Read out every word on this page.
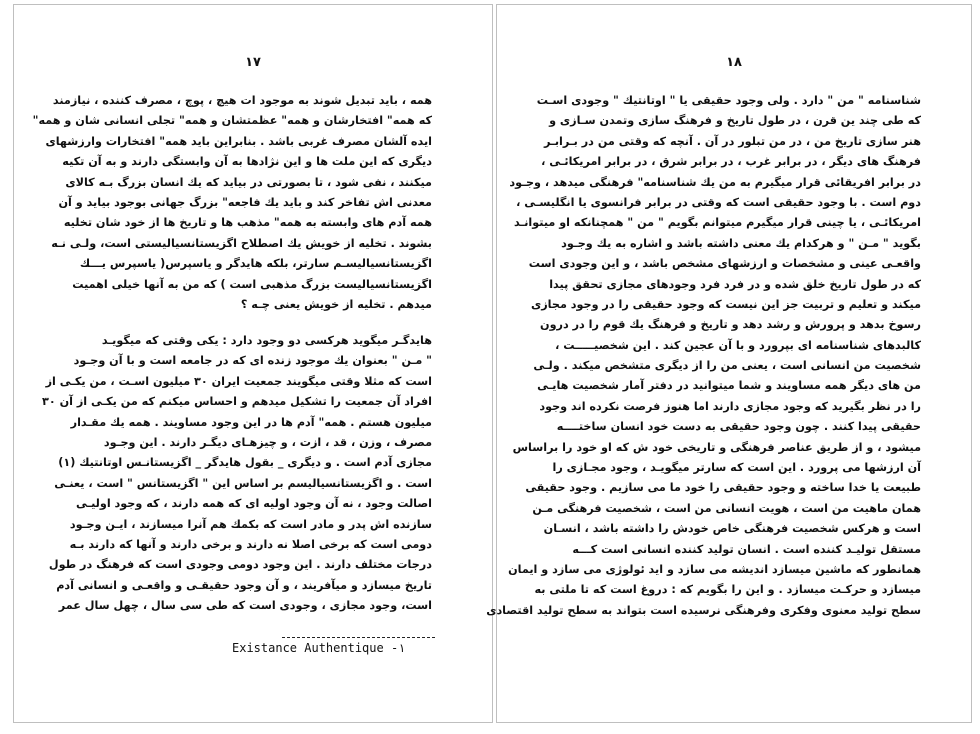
۱۷
همه ، باید تبدیل شوند به موجود ات هیچ ، پوچ ، مصرف کننده ، نیازمند
که همه" افتخارشان و همه" عظمتشان و همه" تجلی انسانی شان و همه"
ایده آلشان مصرف غربی باشد . بنابراین باید همه" افتخارات وارزشهای
دیگری که این ملت ها و این نژادها به آن وابستگی دارند و به آن تکیه
میکنند ، نفی شود ، تا بصورتی در بیاید که یك انسان بزرگ بـه کالای
معدنی اش تفاخر کند و باید یك فاجعه" بزرگ جهانی بوجود بیاید و آن
همه آدم های وابسته به همه" مذهب ها و تاریخ ها از خود شان تخلیه
بشوند . تخلیه از خویش یك اصطلاح اگزیستانسیالیستی است، ولـی نـه
اگزیستانسیالیسـم سارتر، بلکه هایدگر و یاسپرس( یاسپرس یـــك
اگزیستانسیالیست بزرگ مذهبی است ) که من به آنها خیلی اهمیت
میدهم . تخلیه از خویش یعنی چـه ؟
هایدگـر میگوید هرکسی دو وجود دارد : یکی وقتی که میگویـد
" مـن " بعنوان یك موجود زنده ای که در جامعه است و با آن وجـود
است که مثلا وقتی میگویند جمعیت ایران ۳۰ میلیون اسـت ، من یکـی از
افراد آن جمعیت را تشکیل میدهم و احساس میکنم که من یکـی از آن ۳۰
میلیون هستم . همه" آدم ها در این وجود مساویند . همه یك مقـدار
مصرف ، وزن ، قد ، ازت ، و چیزهـای دیگـر دارند . این وجـود
مجازی آدم است . و دیگری _ بقول هایدگر _ اگزیستانـس اوتانتیك (۱)
است . و اگزیستانسیالیسم بر اساس این " اگزیستانس " است ، یعنـی
اصالت وجود ، نه آن وجود اولیه ای که همه دارند ، که وجود اولیـی
سازنده اش پدر و مادر است که بکمك هم آنرا میسازند ، ایـن وجـود
دومی است که برخی اصلا نه دارند و برخی دارند و آنها که دارند بـه
درجات مختلف دارند . این وجود دومی وجودی است که فرهنگ در طول
تاریخ میسازد و میآفریند ، و آن وجود حقیقـی و واقعـی و انسانی آدم
است، وجود مجازی ، وجودی است که طی سی سال ، چهل سال عمر
Existance Authentique -۱
۱۸
شناسنامه " من " دارد . ولی وجود حقیقی یا " اوتانتیك " وجودی اسـت
که طی چند ین قرن ، در طول تاریخ و فرهنگ سازی وتمدن سـازی و
هنر سازی تاریخ من ، در من تبلور در آن . آنچه که وقتی من در بـرابـر
فرهنگ های دیگر ، در برابر غرب ، در برابر شرق ، در برابر امریکائـی ،
در برابر افریقائی قرار میگیرم به من یك شناسنامه" فرهنگی میدهد ، وجـود
دوم است . با وجود حقیقی است که وقتی در برابر فرانسوی یا انگلیسـی ،
امریکائـی ، یا چینی قرار میگیرم میتوانم بگویم " من " همچنانکه او میتوانـد
بگوید " مـن " و هرکدام یك معنی داشته باشد و اشاره به یك وجـود
واقعـی عینی و مشخصات و ارزشهای مشخص باشد ، و این وجودی است
که در طول تاریخ خلق شده و در فرد فرد وجودهای مجازی تحقق پیدا
میکند و تعلیم و تربیت جز این نیست که وجود حقیقی را در وجود مجازی
رسوخ بدهد و پرورش و رشد دهد و تاریخ و فرهنگ یك قوم را در درون
کالبدهای شناسنامه ای بپرورد و با آن عجین کند . این شخصیـــــت ،
شخصیت من انسانی است ، یعنی من را از دیگری متشخص میکند . ولـی
من های دیگر همه مساویند و شما میتوانید در دفتر آمار شخصیت هایـی
را در نظر بگیرید که وجود مجازی دارند اما هنوز فرصت نکرده اند وجود
حقیقی پیدا کنند . چون وجود حقیقی به دست خود انسان ساختــــه
میشود ، و از طریق عناصر فرهنگی و تاریخی خود ش که او خود را براساس
آن ارزشها می پرورد . این است که سارتر میگویـد ، وجود مجـازی را
طبیعت یا خدا ساخته و وجود حقیقی را خود ما می سازیم . وجود حقیقی
همان ماهیت من است ، هویت انسانی من است ، شخصیت فرهنگی مـن
است و هرکس شخصیت فرهنگی خاص خودش را داشته باشد ، انسـان
مستقل تولیـد کننده است . انسان تولید کننده انسانی است کـــه
همانطور که ماشین میسازد اندیشه می سازد و اید ئولوژی می سازد و ایمان
میسازد و حرکـت میسازد . و این را بگویم که : دروغ است که تا ملتی به
سطح تولید معنوی وفکری وفرهنگی نرسیده است بتواند به سطح تولید اقتصادی
